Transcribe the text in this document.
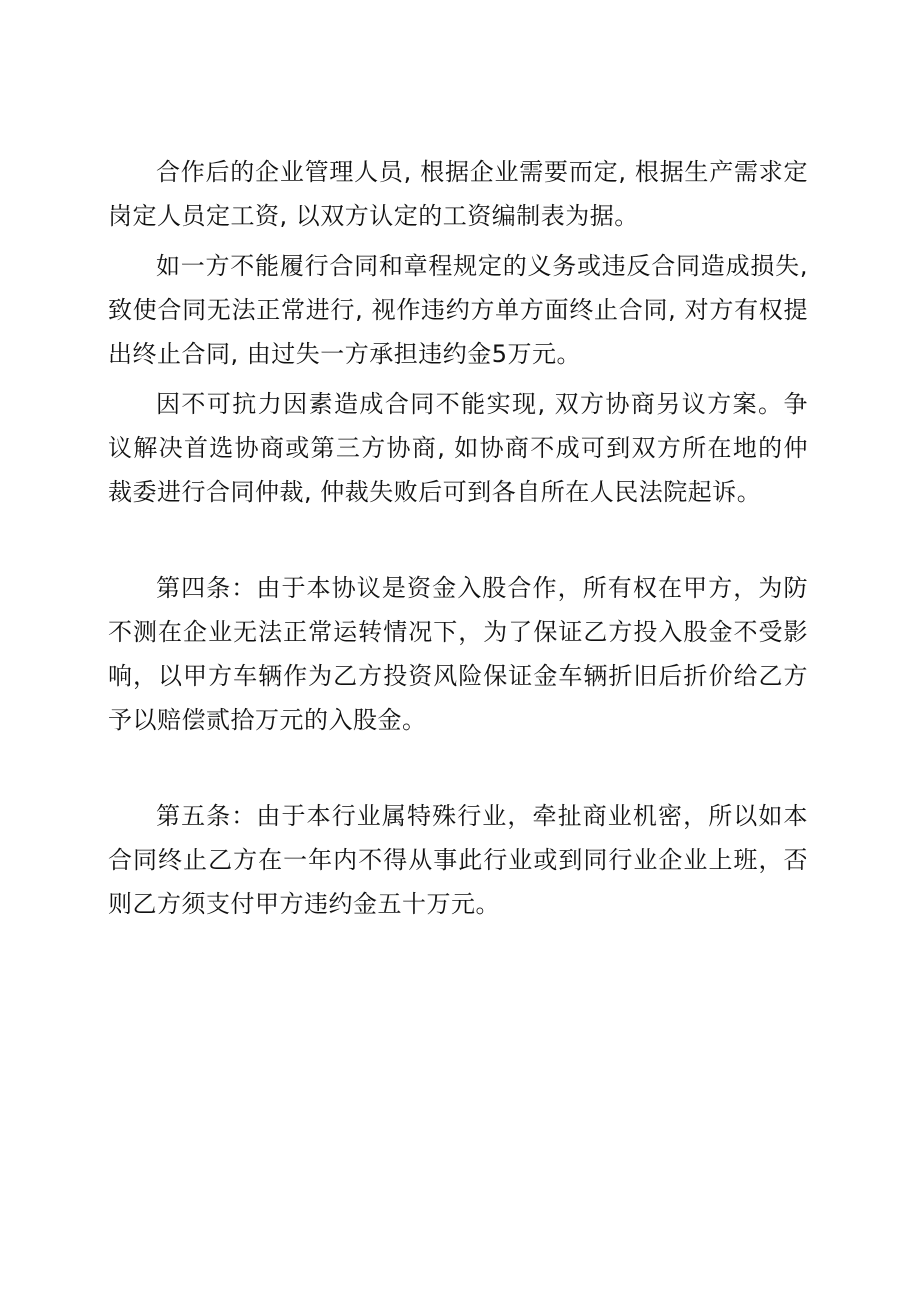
合作后的企业管理人员, 根据企业需要而定, 根据生产需求定岗定人员定工资, 以双方认定的工资编制表为据。

如一方不能履行合同和章程规定的义务或违反合同造成损失, 致使合同无法正常进行, 视作违约方单方面终止合同, 对方有权提出终止合同, 由过失一方承担违约金5万元。

因不可抗力因素造成合同不能实现, 双方协商另议方案。争议解决首选协商或第三方协商, 如协商不成可到双方所在地的仲裁委进行合同仲裁, 仲裁失败后可到各自所在人民法院起诉。

第四条：由于本协议是资金入股合作，所有权在甲方，为防不测在企业无法正常运转情况下，为了保证乙方投入股金不受影响，以甲方车辆作为乙方投资风险保证金车辆折旧后折价给乙方予以赔偿贰拾万元的入股金。

第五条：由于本行业属特殊行业，牵扯商业机密，所以如本合同终止乙方在一年内不得从事此行业或到同行业企业上班，否则乙方须支付甲方违约金五十万元。
